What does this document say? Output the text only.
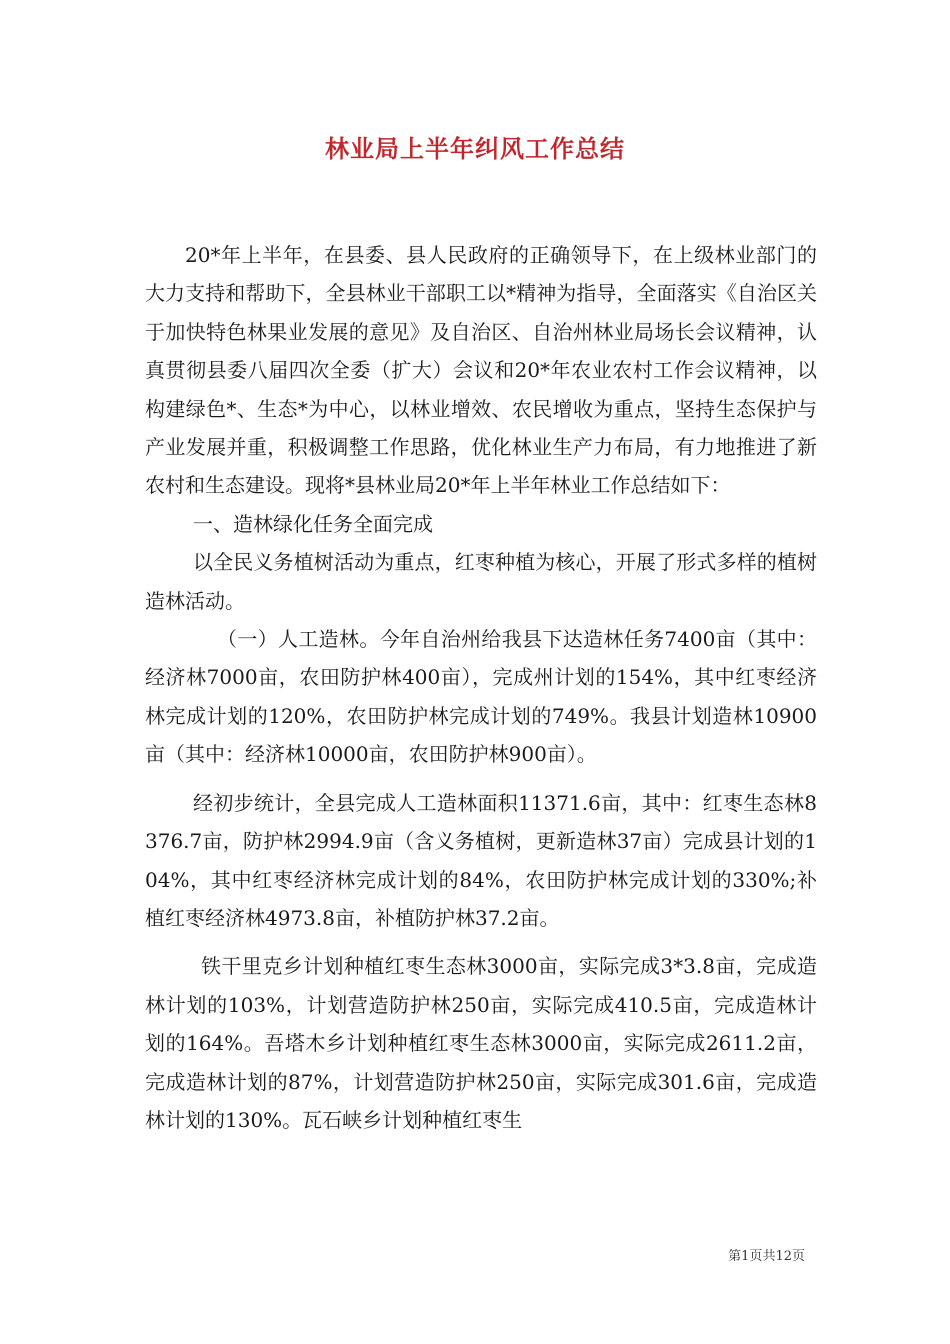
林业局上半年纠风工作总结

20*年上半年，在县委、县人民政府的正确领导下，在上级林业部门的大力支持和帮助下，全县林业干部职工以*精神为指导，全面落实《自治区关于加快特色林果业发展的意见》及自治区、自治州林业局场长会议精神，认真贯彻县委八届四次全委（扩大）会议和20*年农业农村工作会议精神，以构建绿色*、生态*为中心，以林业增效、农民增收为重点，坚持生态保护与产业发展并重，积极调整工作思路，优化林业生产力布局，有力地推进了新农村和生态建设。现将*县林业局20*年上半年林业工作总结如下：

一、造林绿化任务全面完成

以全民义务植树活动为重点，红枣种植为核心，开展了形式多样的植树造林活动。

（一）人工造林。今年自治州给我县下达造林任务7400亩（其中：经济林7000亩，农田防护林400亩），完成州计划的154%，其中红枣经济林完成计划的120%，农田防护林完成计划的749%。我县计划造林10900亩（其中：经济林10000亩，农田防护林900亩）。

经初步统计，全县完成人工造林面积11371.6亩，其中：红枣生态林8376.7亩，防护林2994.9亩（含义务植树，更新造林37亩）完成县计划的104%，其中红枣经济林完成计划的84%，农田防护林完成计划的330%;补植红枣经济林4973.8亩，补植防护林37.2亩。

铁干里克乡计划种植红枣生态林3000亩，实际完成3*3.8亩，完成造林计划的103%，计划营造防护林250亩，实际完成410.5亩，完成造林计划的164%。吾塔木乡计划种植红枣生态林3000亩，实际完成2611.2亩，完成造林计划的87%，计划营造防护林250亩，实际完成301.6亩，完成造林计划的130%。瓦石峡乡计划种植红枣生

第1页共12页
